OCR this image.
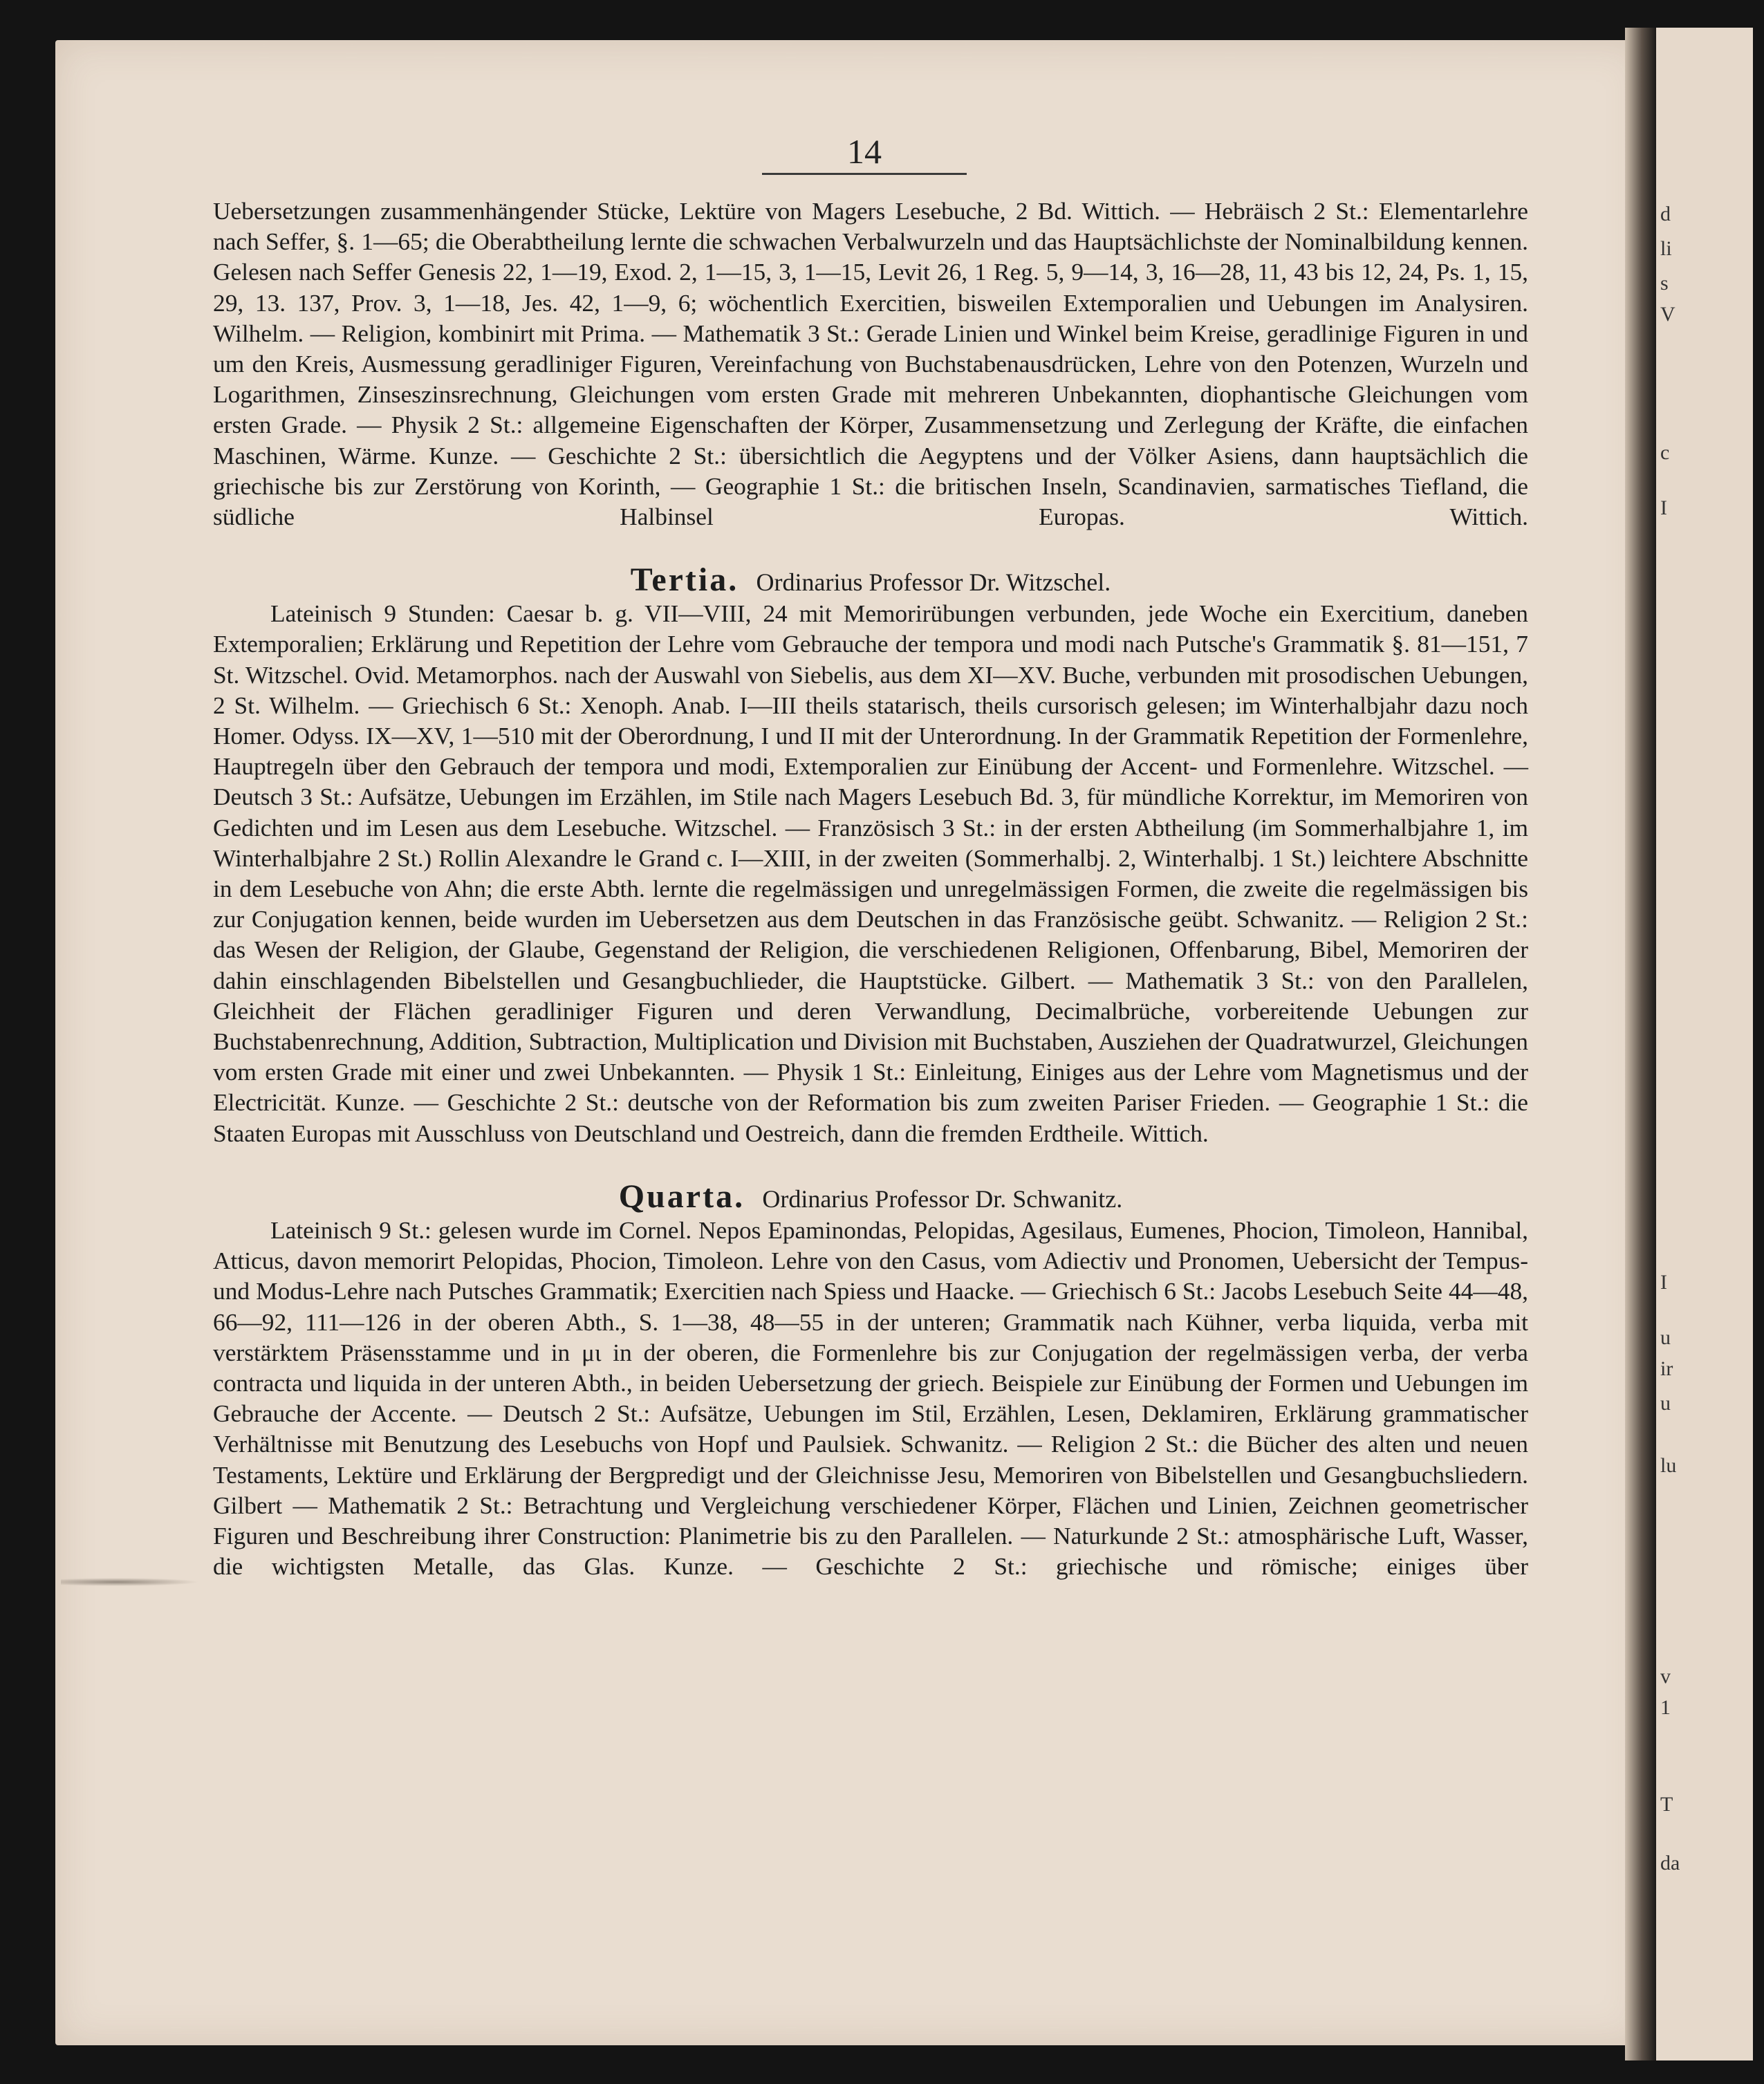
d
li
s
V
c
I
I
u
ir
u
lu
v
1
T
da
14

Uebersetzungen zusammenhängender Stücke, Lektüre von Magers Lesebuche, 2 Bd. Wittich. — Hebräisch 2 St.: Elementarlehre nach Seffer, §. 1—65; die Oberabtheilung lernte die schwachen Verbalwurzeln und das Hauptsächlichste der Nominalbildung kennen. Gelesen nach Seffer Genesis 22, 1—19, Exod. 2, 1—15, 3, 1—15, Levit 26, 1 Reg. 5, 9—14, 3, 16—28, 11, 43 bis 12, 24, Ps. 1, 15, 29, 13. 137, Prov. 3, 1—18, Jes. 42, 1—9, 6; wöchentlich Exercitien, bisweilen Extemporalien und Uebungen im Analysiren. Wilhelm. — Religion, kombinirt mit Prima. — Mathematik 3 St.: Gerade Linien und Winkel beim Kreise, geradlinige Figuren in und um den Kreis, Ausmessung geradliniger Figuren, Vereinfachung von Buchstabenausdrücken, Lehre von den Potenzen, Wurzeln und Logarithmen, Zinseszinsrechnung, Gleichungen vom ersten Grade mit mehreren Unbekannten, diophantische Gleichungen vom ersten Grade. — Physik 2 St.: allgemeine Eigenschaften der Körper, Zusammensetzung und Zerlegung der Kräfte, die einfachen Maschinen, Wärme. Kunze. — Geschichte 2 St.: übersichtlich die Aegyptens und der Völker Asiens, dann hauptsächlich die griechische bis zur Zerstörung von Korinth, — Geographie 1 St.: die britischen Inseln, Scandinavien, sarmatisches Tiefland, die südliche Halbinsel Europas. Wittich.

Tertia. Ordinarius Professor Dr. Witzschel.

Lateinisch 9 Stunden: Caesar b. g. VII—VIII, 24 mit Memorirübungen verbunden, jede Woche ein Exercitium, daneben Extemporalien; Erklärung und Repetition der Lehre vom Gebrauche der tempora und modi nach Putsche's Grammatik §. 81—151, 7 St. Witzschel. Ovid. Metamorphos. nach der Auswahl von Siebelis, aus dem XI—XV. Buche, verbunden mit prosodischen Uebungen, 2 St. Wilhelm. — Griechisch 6 St.: Xenoph. Anab. I—III theils statarisch, theils cursorisch gelesen; im Winterhalbjahr dazu noch Homer. Odyss. IX—XV, 1—510 mit der Oberordnung, I und II mit der Unterordnung. In der Grammatik Repetition der Formenlehre, Hauptregeln über den Gebrauch der tempora und modi, Extemporalien zur Einübung der Accent- und Formenlehre. Witzschel. — Deutsch 3 St.: Aufsätze, Uebungen im Erzählen, im Stile nach Magers Lesebuch Bd. 3, für mündliche Korrektur, im Memoriren von Gedichten und im Lesen aus dem Lesebuche. Witzschel. — Französisch 3 St.: in der ersten Abtheilung (im Sommerhalbjahre 1, im Winterhalbjahre 2 St.) Rollin Alexandre le Grand c. I—XIII, in der zweiten (Sommerhalbj. 2, Winterhalbj. 1 St.) leichtere Abschnitte in dem Lesebuche von Ahn; die erste Abth. lernte die regelmässigen und unregelmässigen Formen, die zweite die regelmässigen bis zur Conjugation kennen, beide wurden im Uebersetzen aus dem Deutschen in das Französische geübt. Schwanitz. — Religion 2 St.: das Wesen der Religion, der Glaube, Gegenstand der Religion, die verschiedenen Religionen, Offenbarung, Bibel, Memoriren der dahin einschlagenden Bibelstellen und Gesangbuchlieder, die Hauptstücke. Gilbert. — Mathematik 3 St.: von den Parallelen, Gleichheit der Flächen geradliniger Figuren und deren Verwandlung, Decimalbrüche, vorbereitende Uebungen zur Buchstabenrechnung, Addition, Subtraction, Multiplication und Division mit Buchstaben, Ausziehen der Quadratwurzel, Gleichungen vom ersten Grade mit einer und zwei Unbekannten. — Physik 1 St.: Einleitung, Einiges aus der Lehre vom Magnetismus und der Electricität. Kunze. — Geschichte 2 St.: deutsche von der Reformation bis zum zweiten Pariser Frieden. — Geographie 1 St.: die Staaten Europas mit Ausschluss von Deutschland und Oestreich, dann die fremden Erdtheile. Wittich.

Quarta. Ordinarius Professor Dr. Schwanitz.

Lateinisch 9 St.: gelesen wurde im Cornel. Nepos Epaminondas, Pelopidas, Agesilaus, Eumenes, Phocion, Timoleon, Hannibal, Atticus, davon memorirt Pelopidas, Phocion, Timoleon. Lehre von den Casus, vom Adiectiv und Pronomen, Uebersicht der Tempus- und Modus-Lehre nach Putsches Grammatik; Exercitien nach Spiess und Haacke. — Griechisch 6 St.: Jacobs Lesebuch Seite 44—48, 66—92, 111—126 in der oberen Abth., S. 1—38, 48—55 in der unteren; Grammatik nach Kühner, verba liquida, verba mit verstärktem Präsensstamme und in μι in der oberen, die Formenlehre bis zur Conjugation der regelmässigen verba, der verba contracta und liquida in der unteren Abth., in beiden Uebersetzung der griech. Beispiele zur Einübung der Formen und Uebungen im Gebrauche der Accente. — Deutsch 2 St.: Aufsätze, Uebungen im Stil, Erzählen, Lesen, Deklamiren, Erklärung grammatischer Verhältnisse mit Benutzung des Lesebuchs von Hopf und Paulsiek. Schwanitz. — Religion 2 St.: die Bücher des alten und neuen Testaments, Lektüre und Erklärung der Bergpredigt und der Gleichnisse Jesu, Memoriren von Bibelstellen und Gesangbuchsliedern. Gilbert — Mathematik 2 St.: Betrachtung und Vergleichung verschiedener Körper, Flächen und Linien, Zeichnen geometrischer Figuren und Beschreibung ihrer Construction: Planimetrie bis zu den Parallelen. — Naturkunde 2 St.: atmosphärische Luft, Wasser, die wichtigsten Metalle, das Glas. Kunze. — Geschichte 2 St.: griechische und römische; einiges über
